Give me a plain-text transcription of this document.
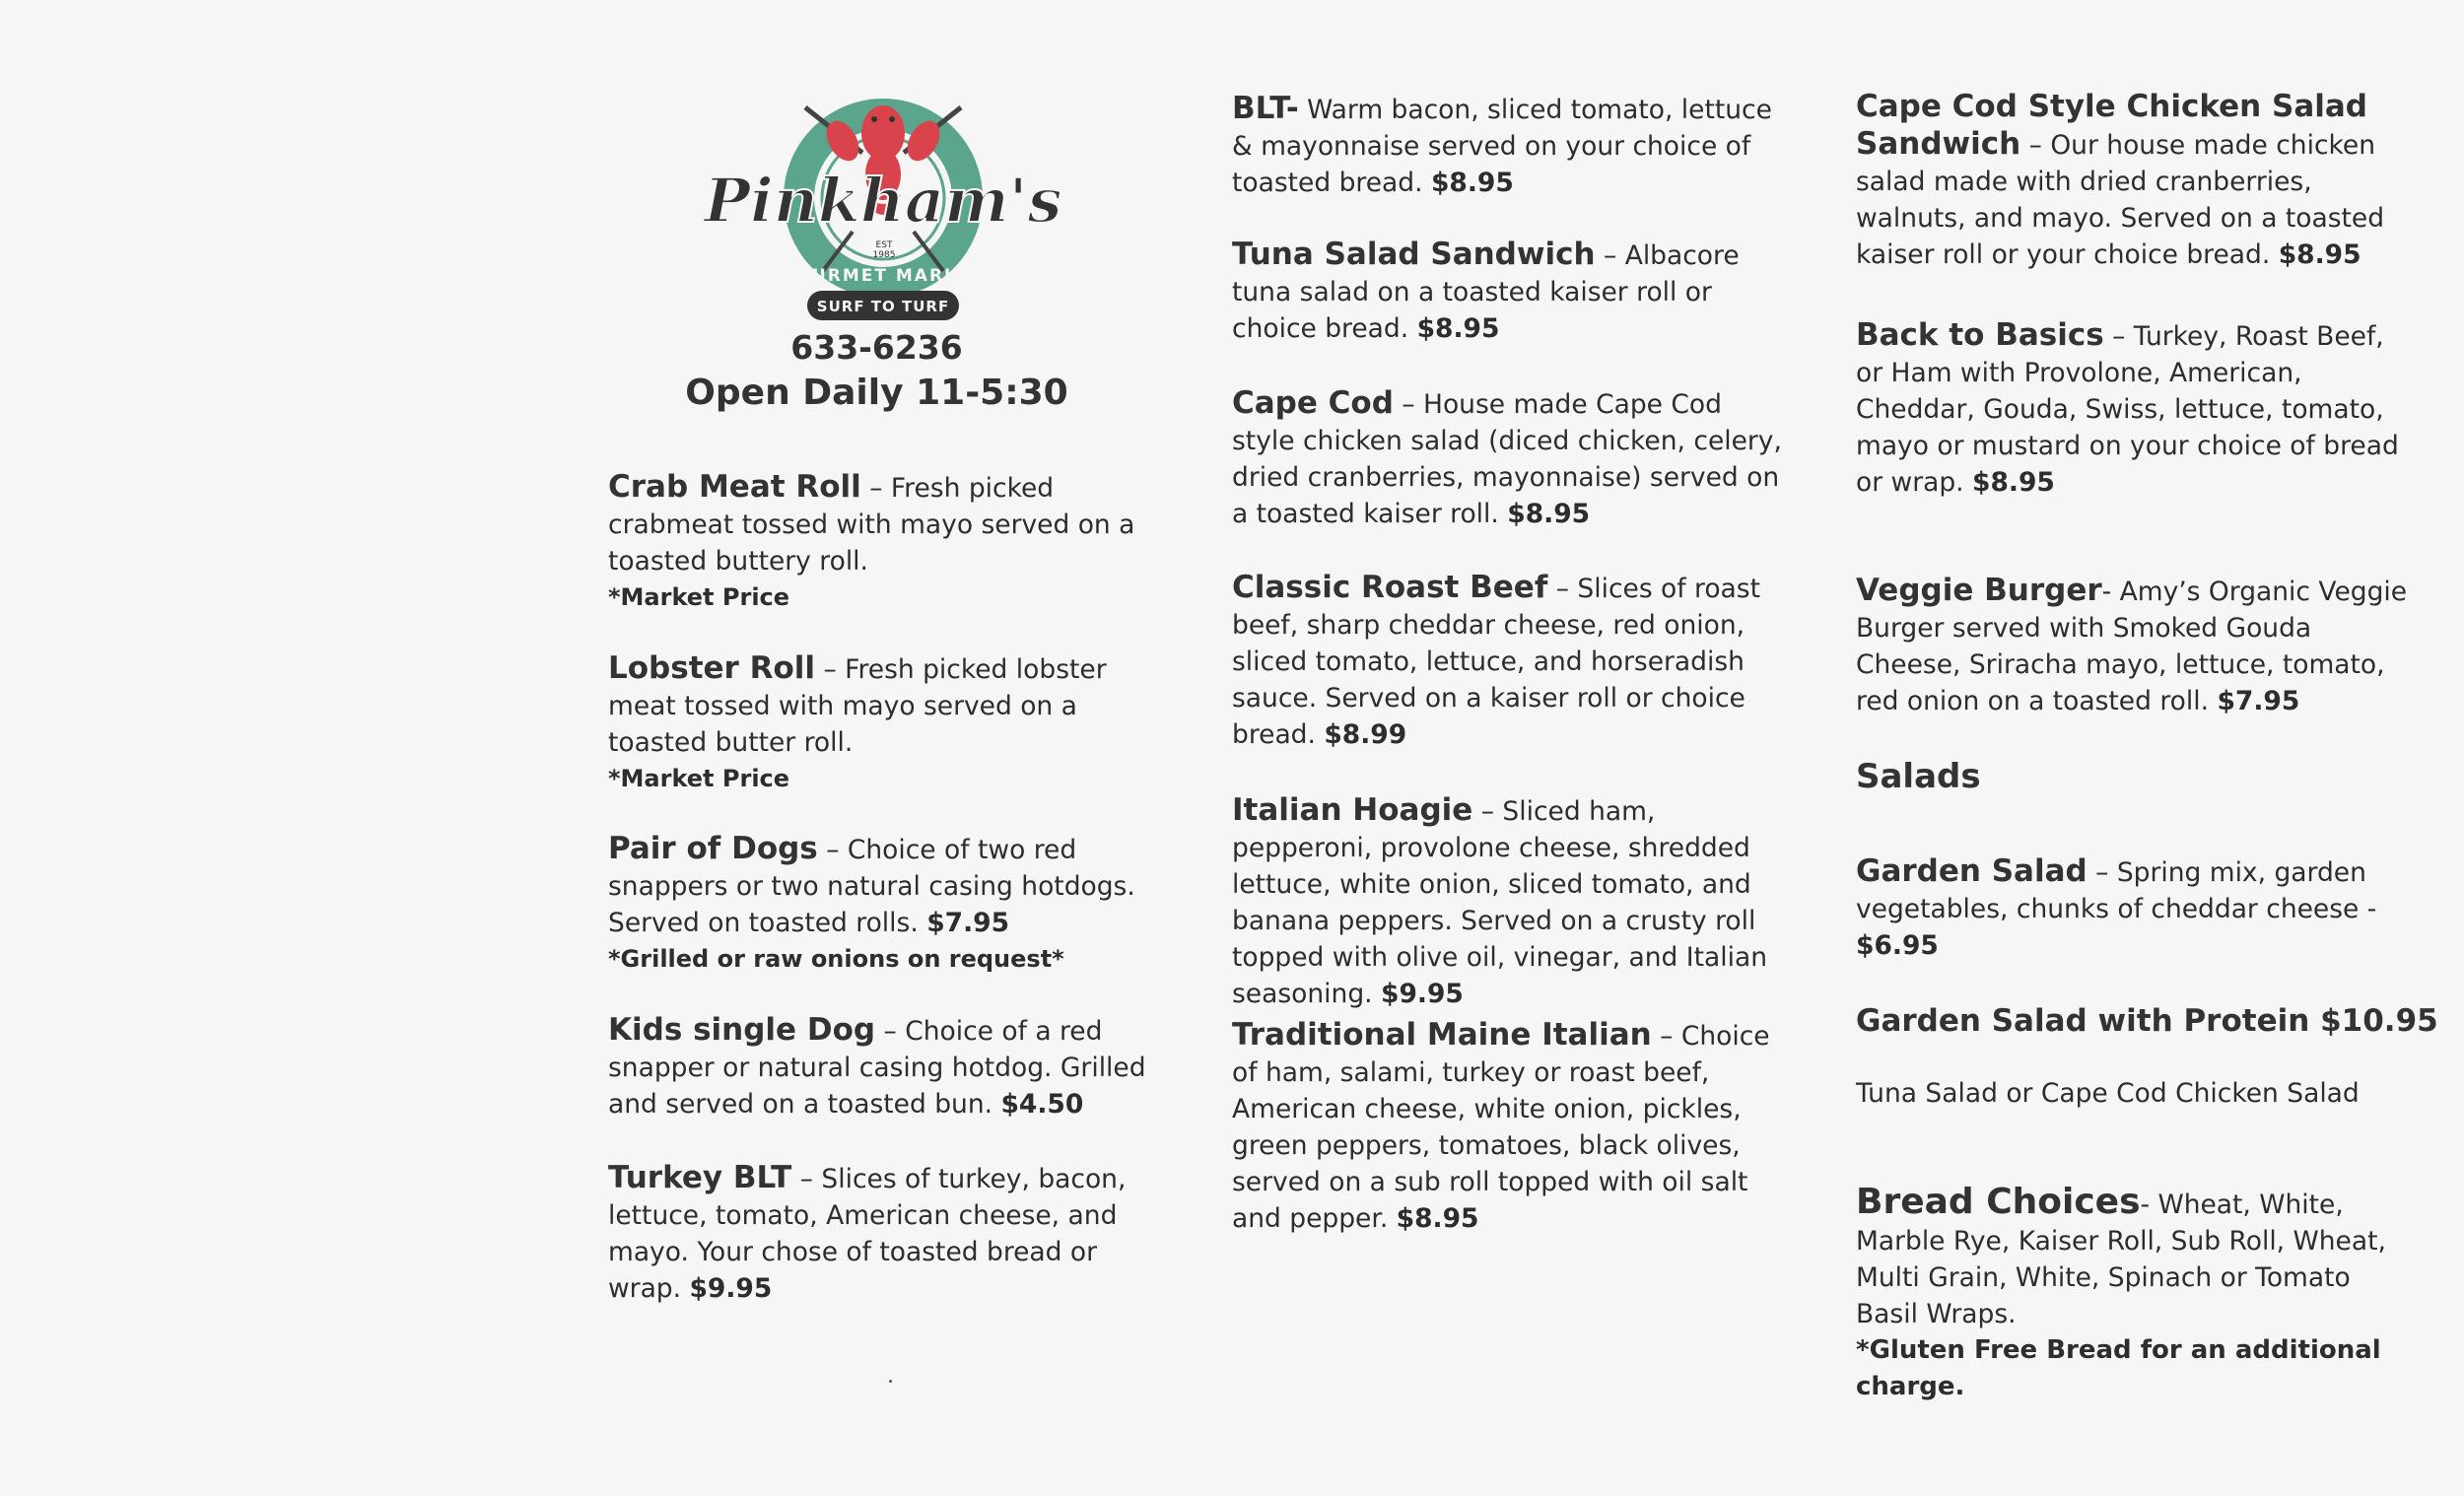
Pinkham's
EST
1985
GOURMET MARKET
SURF TO TURF
633-6236
Open Daily 11-5:30
Crab Meat Roll – Fresh picked crabmeat tossed with mayo served on a toasted buttery roll.
*Market Price
Lobster Roll – Fresh picked lobster meat tossed with mayo served on a toasted butter roll.
*Market Price
Pair of Dogs – Choice of two red snappers or two natural casing hotdogs. Served on toasted rolls. $7.95
*Grilled or raw onions on request*
Kids single Dog – Choice of a red snapper or natural casing hotdog. Grilled and served on a toasted bun. $4.50
Turkey BLT – Slices of turkey, bacon, lettuce, tomato, American cheese, and mayo. Your chose of toasted bread or wrap. $9.95
BLT- Warm bacon, sliced tomato, lettuce & mayonnaise served on your choice of toasted bread. $8.95
Tuna Salad Sandwich – Albacore tuna salad on a toasted kaiser roll or choice bread. $8.95
Cape Cod – House made Cape Cod style chicken salad (diced chicken, celery, dried cranberries, mayonnaise) served on a toasted kaiser roll. $8.95
Classic Roast Beef – Slices of roast beef, sharp cheddar cheese, red onion, sliced tomato, lettuce, and horseradish sauce. Served on a kaiser roll or choice bread. $8.99
Italian Hoagie – Sliced ham, pepperoni, provolone cheese, shredded lettuce, white onion, sliced tomato, and banana peppers. Served on a crusty roll topped with olive oil, vinegar, and Italian seasoning. $9.95
Traditional Maine Italian – Choice of ham, salami, turkey or roast beef, American cheese, white onion, pickles, green peppers, tomatoes, black olives, served on a sub roll topped with oil salt and pepper. $8.95
Cape Cod Style Chicken Salad Sandwich – Our house made chicken salad made with dried cranberries, walnuts, and mayo. Served on a toasted kaiser roll or your choice bread. $8.95
Back to Basics – Turkey, Roast Beef, or Ham with Provolone, American, Cheddar, Gouda, Swiss, lettuce, tomato, mayo or mustard on your choice of bread or wrap. $8.95
Veggie Burger- Amy’s Organic Veggie Burger served with Smoked Gouda Cheese, Sriracha mayo, lettuce, tomato, red onion on a toasted roll. $7.95
Salads
Garden Salad – Spring mix, garden vegetables, chunks of cheddar cheese - $6.95
Garden Salad with Protein $10.95
Tuna Salad or Cape Cod Chicken Salad
Bread Choices- Wheat, White, Marble Rye, Kaiser Roll, Sub Roll, Wheat, Multi Grain, White, Spinach or Tomato Basil Wraps.
*Gluten Free Bread for an additional charge.
